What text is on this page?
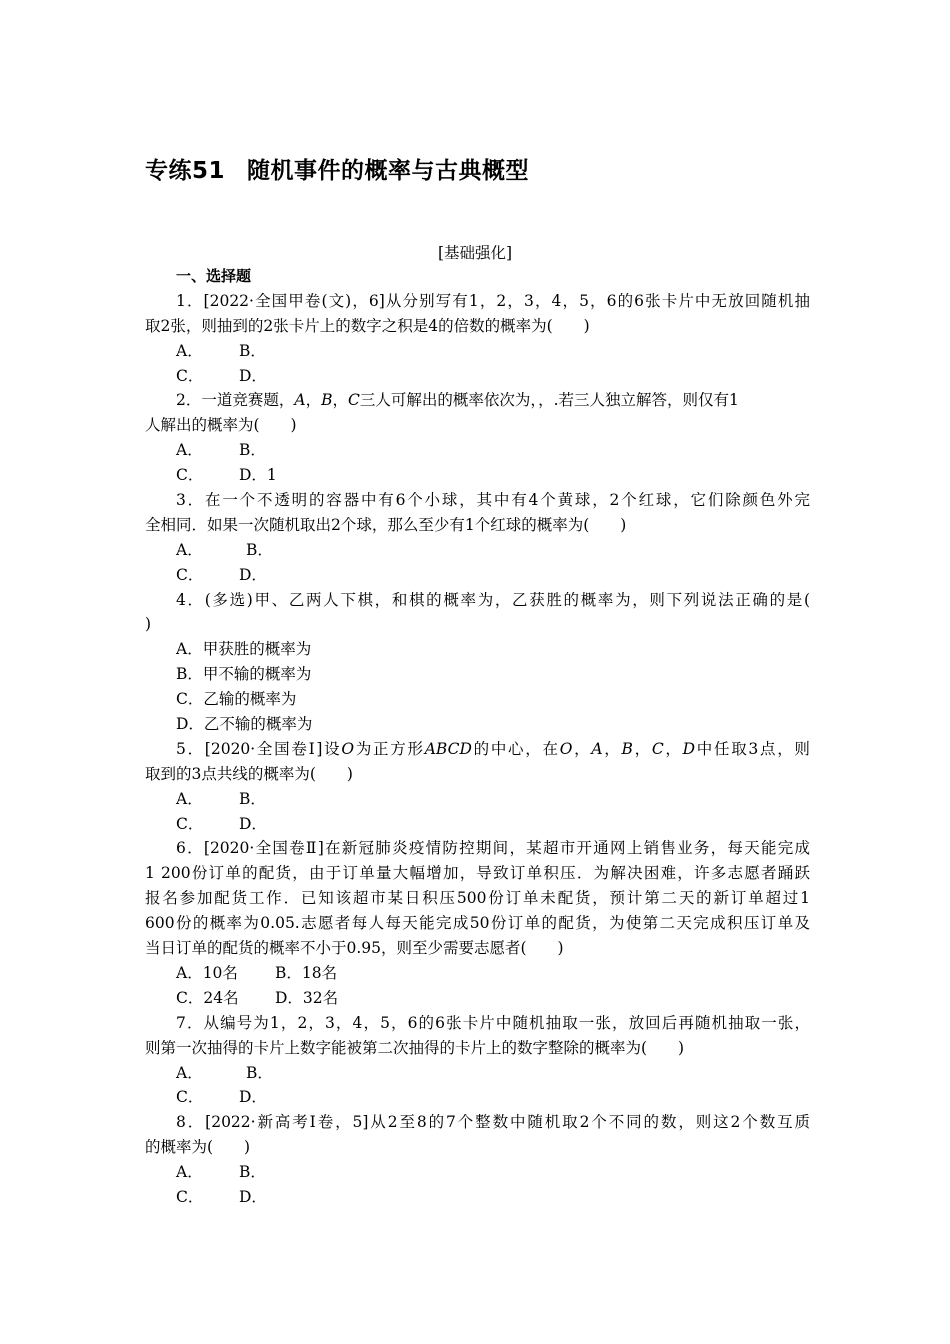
专练51 随机事件的概率与古典概型
[基础强化]
一、选择题
1．[2022·全国甲卷(文)，6]从分别写有1，2，3，4，5，6的6张卡片中无放回随机抽
取2张，则抽到的2张卡片上的数字之积是4的倍数的概率为(　　)
A． B．
C． D．
2．一道竞赛题，A，B，C三人可解出的概率依次为，，.若三人独立解答，则仅有1
人解出的概率为(　　)
A． B．
C． D．1
3．在一个不透明的容器中有6个小球，其中有4个黄球，2个红球，它们除颜色外完
全相同．如果一次随机取出2个球，那么至少有1个红球的概率为(　　)
A．	B．
C． D．
4．(多选)甲、乙两人下棋，和棋的概率为，乙获胜的概率为，则下列说法正确的是(
)
A．甲获胜的概率为
B．甲不输的概率为
C．乙输的概率为
D．乙不输的概率为
5．[2020·全国卷Ⅰ]设O为正方形ABCD的中心，在O，A，B，C，D中任取3点，则
取到的3点共线的概率为(　　)
A． B．
C． D．
6．[2020·全国卷Ⅱ]在新冠肺炎疫情防控期间，某超市开通网上销售业务，每天能完成
1 200份订单的配货，由于订单量大幅增加，导致订单积压．为解决困难，许多志愿者踊跃
报名参加配货工作．已知该超市某日积压500份订单未配货，预计第二天的新订单超过1
600份的概率为0.05.志愿者每人每天能完成50份订单的配货，为使第二天完成积压订单及
当日订单的配货的概率不小于0.95，则至少需要志愿者(　　)
A．10名 B．18名
C．24名 D．32名
7．从编号为1，2，3，4，5，6的6张卡片中随机抽取一张，放回后再随机抽取一张，
则第一次抽得的卡片上数字能被第二次抽得的卡片上的数字整除的概率为(　　)
A．	B．
C． D．
8．[2022·新高考Ⅰ卷，5]从2至8的7个整数中随机取2个不同的数，则这2个数互质
的概率为(　　)
A． B．
C． D．
